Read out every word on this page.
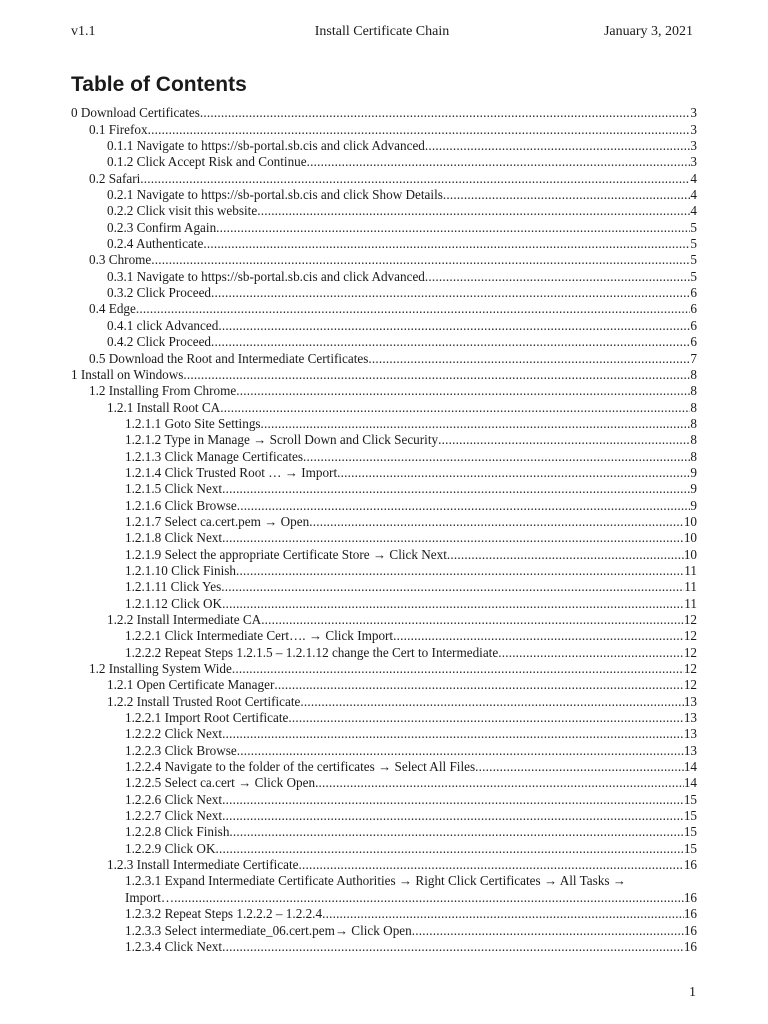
v1.1	Install Certificate Chain	January 3, 2021
Table of Contents
0 Download Certificates .....	3
0.1 Firefox .....	3
0.1.1 Navigate to https://sb-portal.sb.cis and click Advanced .....	3
0.1.2 Click Accept Risk and Continue .....	3
0.2 Safari .....	4
0.2.1 Navigate to https://sb-portal.sb.cis and click Show Details .....	4
0.2.2 Click visit this website .....	4
0.2.3 Confirm Again .....	5
0.2.4 Authenticate .....	5
0.3 Chrome .....	5
0.3.1 Navigate to https://sb-portal.sb.cis and click Advanced .....	5
0.3.2 Click Proceed .....	6
0.4 Edge .....	6
0.4.1 click Advanced .....	6
0.4.2 Click Proceed .....	6
0.5 Download the Root and Intermediate Certificates .....	7
1 Install on Windows .....	8
1.2 Installing From Chrome .....	8
1.2.1 Install Root CA .....	8
1.2.1.1 Goto Site Settings .....	8
1.2.1.2 Type in Manage → Scroll Down and Click Security .....	8
1.2.1.3 Click Manage Certificates .....	8
1.2.1.4 Click Trusted Root … → Import .....	9
1.2.1.5 Click Next .....	9
1.2.1.6 Click Browse .....	9
1.2.1.7 Select ca.cert.pem → Open .....	10
1.2.1.8 Click Next .....	10
1.2.1.9 Select the appropriate Certificate Store → Click Next .....	10
1.2.1.10 Click Finish .....	11
1.2.1.11 Click Yes .....	11
1.2.1.12 Click OK .....	11
1.2.2 Install Intermediate CA .....	12
1.2.2.1 Click Intermediate Cert…. → Click Import .....	12
1.2.2.2 Repeat Steps 1.2.1.5 – 1.2.1.12 change the Cert to Intermediate .....	12
1.2 Installing System Wide .....	12
1.2.1 Open Certificate Manager .....	12
1.2.2 Install Trusted Root Certificate .....	13
1.2.2.1 Import Root Certificate .....	13
1.2.2.2 Click Next .....	13
1.2.2.3 Click Browse .....	13
1.2.2.4 Navigate to the folder of the certificates → Select All Files .....	14
1.2.2.5 Select ca.cert → Click Open .....	14
1.2.2.6 Click Next .....	15
1.2.2.7 Click Next .....	15
1.2.2.8 Click Finish .....	15
1.2.2.9 Click OK .....	15
1.2.3 Install Intermediate Certificate .....	16
1.2.3.1 Expand Intermediate Certificate Authorities → Right Click Certificates → All Tasks →
Import… .....	16
1.2.3.2 Repeat Steps 1.2.2.2 – 1.2.2.4 .....	16
1.2.3.3 Select intermediate_06.cert.pem→ Click Open .....	16
1.2.3.4 Click Next .....	16
1
